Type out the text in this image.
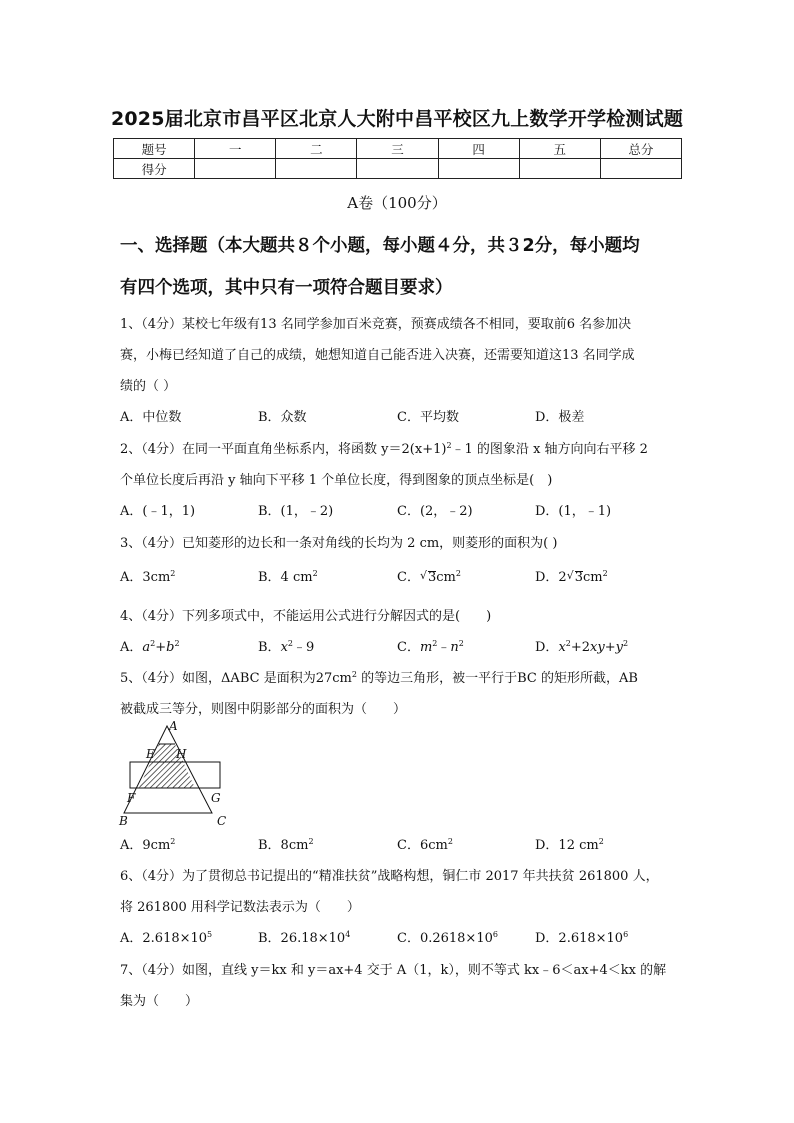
2025届北京市昌平区北京人大附中昌平校区九上数学开学检测试题
题号	一	二	三	四	五	总分
得分						
A卷（100分）
一、选择题（本大题共８个小题，每小题４分，共３2分，每小题均
有四个选项，其中只有一项符合题目要求）
1、（4分）某校七年级有13 名同学参加百米竞赛，预赛成绩各不相同，要取前6 名参加决
赛，小梅已经知道了自己的成绩，她想知道自己能否进入决赛，还需要知道这13 名同学成
绩的（ ）
A．中位数	B．众数	C．平均数	D．极差
2、（4分）在同一平面直角坐标系内，将函数 $y=2(x+1)^2﹣1$ 的图象沿 x 轴方向向右平移 2
个单位长度后再沿 y 轴向下平移 1 个单位长度，得到图象的顶点坐标是(　)
A．(﹣1，1)	B．(1，﹣2)	C．(2，﹣2)	D．(1，﹣1)
3、（4分）已知菱形的边长和一条对角线的长均为 2 cm，则菱形的面积为( )
A．$3cm^2$	B．4 $cm^2$	C． √ $3cm^2$	D．2 √ $3cm^2$
4、（4分）下列多项式中，不能运用公式进行分解因式的是(　　)
A．$a^2+b^2$	B．$x^2﹣9$	C．$m^2﹣n^2$	D．$x^2+2xy+y^2$
5、（4分）如图，ΔABC 是面积为$27cm^2$ 的等边三角形，被一平行于BC 的矩形所截，AB
被截成三等分，则图中阴影部分的面积为（　　）
A
E H
F	G
B	C
A．$9cm^2$	B．$8cm^2$	C．$6cm^2$	D．12 $cm^2$
6、（4分）为了贯彻总书记提出的“精准扶贫”战略构想，铜仁市 2017 年共扶贫 261800 人，
将 261800 用科学记数法表示为（　　）
A．$2.618\times 10^5$	B．$26.18\times 10^4$	C．$0.2618\times 10^6$	D．$2.618\times 10^6$
7、（4分）如图，直线 y＝kx 和 y＝ax+4 交于 A（1，k），则不等式 kx﹣6＜ax+4＜kx 的解
集为（　　）
